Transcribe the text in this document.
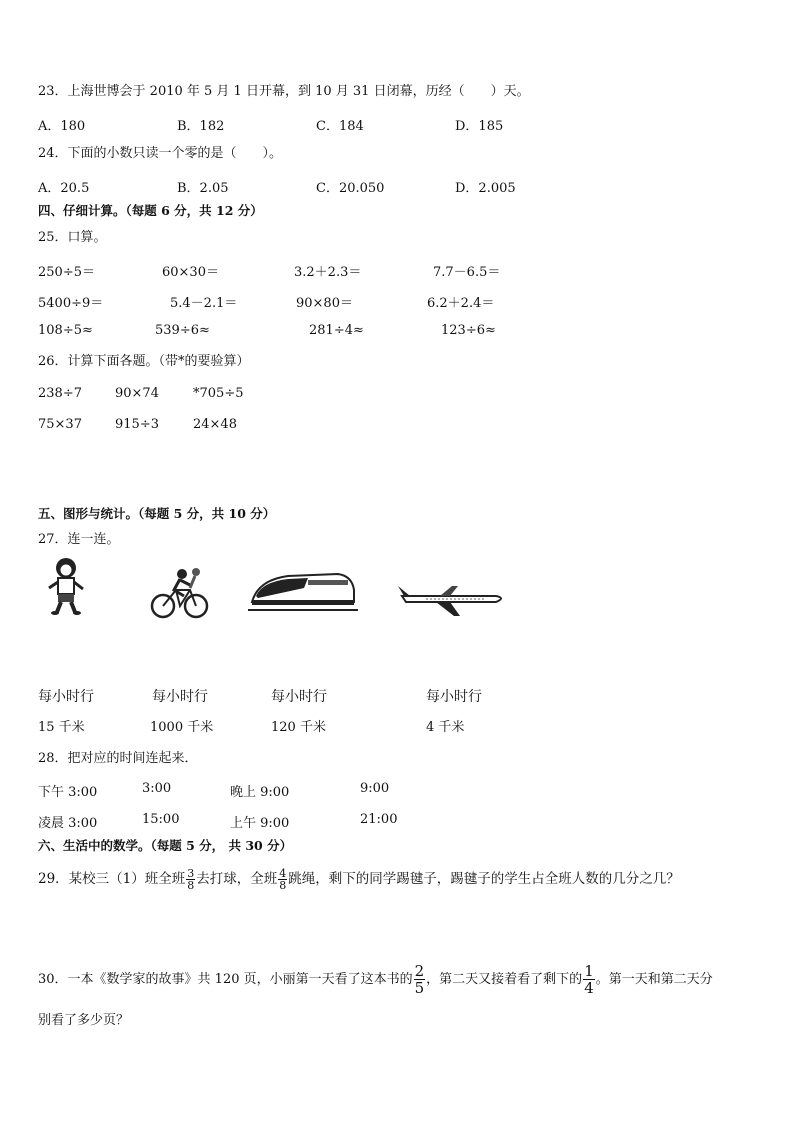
23．上海世博会于 2010 年 5 月 1 日开幕，到 10 月 31 日闭幕，历经（　　）天。
A．180	B．182	C．184	D．185
24．下面的小数只读一个零的是（　　）。
A．20.5	B．2.05	C．20.050	D．2.005
四、仔细计算。（每题 6 分，共 12 分）
25．口算。
250÷5＝	60×30＝	3.2＋2.3＝	7.7－6.5＝
5400÷9＝	5.4－2.1＝	90×80＝	6.2＋2.4＝
108÷5≈	539÷6≈	281÷4≈	123÷6≈
26．计算下面各题。（带*的要验算）
238÷7	90×74	*705÷5
75×37	915÷3	24×48
五、图形与统计。（每题 5 分，共 10 分）
27．连一连。
每小时行	每小时行	每小时行	每小时行
15 千米	1000 千米	120 千米	4 千米
28．把对应的时间连起来．
下午 3:00	3:00	晚上 9:00	9:00
凌晨 3:00	15:00	上午 9:00	21:00
六、生活中的数学。（每题 5 分， 共 30 分）
29．某校三（1）班全班 $\frac{3}{8}$ 去打球，全班 $\frac{4}{8}$ 跳绳，剩下的同学踢毽子，踢毽子的学生占全班人数的几分之几？
30．一本《数学家的故事》共 120 页，小丽第一天看了这本书的 $\frac{2}{5}$ ，第二天又接着看了剩下的 $\frac{1}{4}$ 。第一天和第二天分
别看了多少页？
